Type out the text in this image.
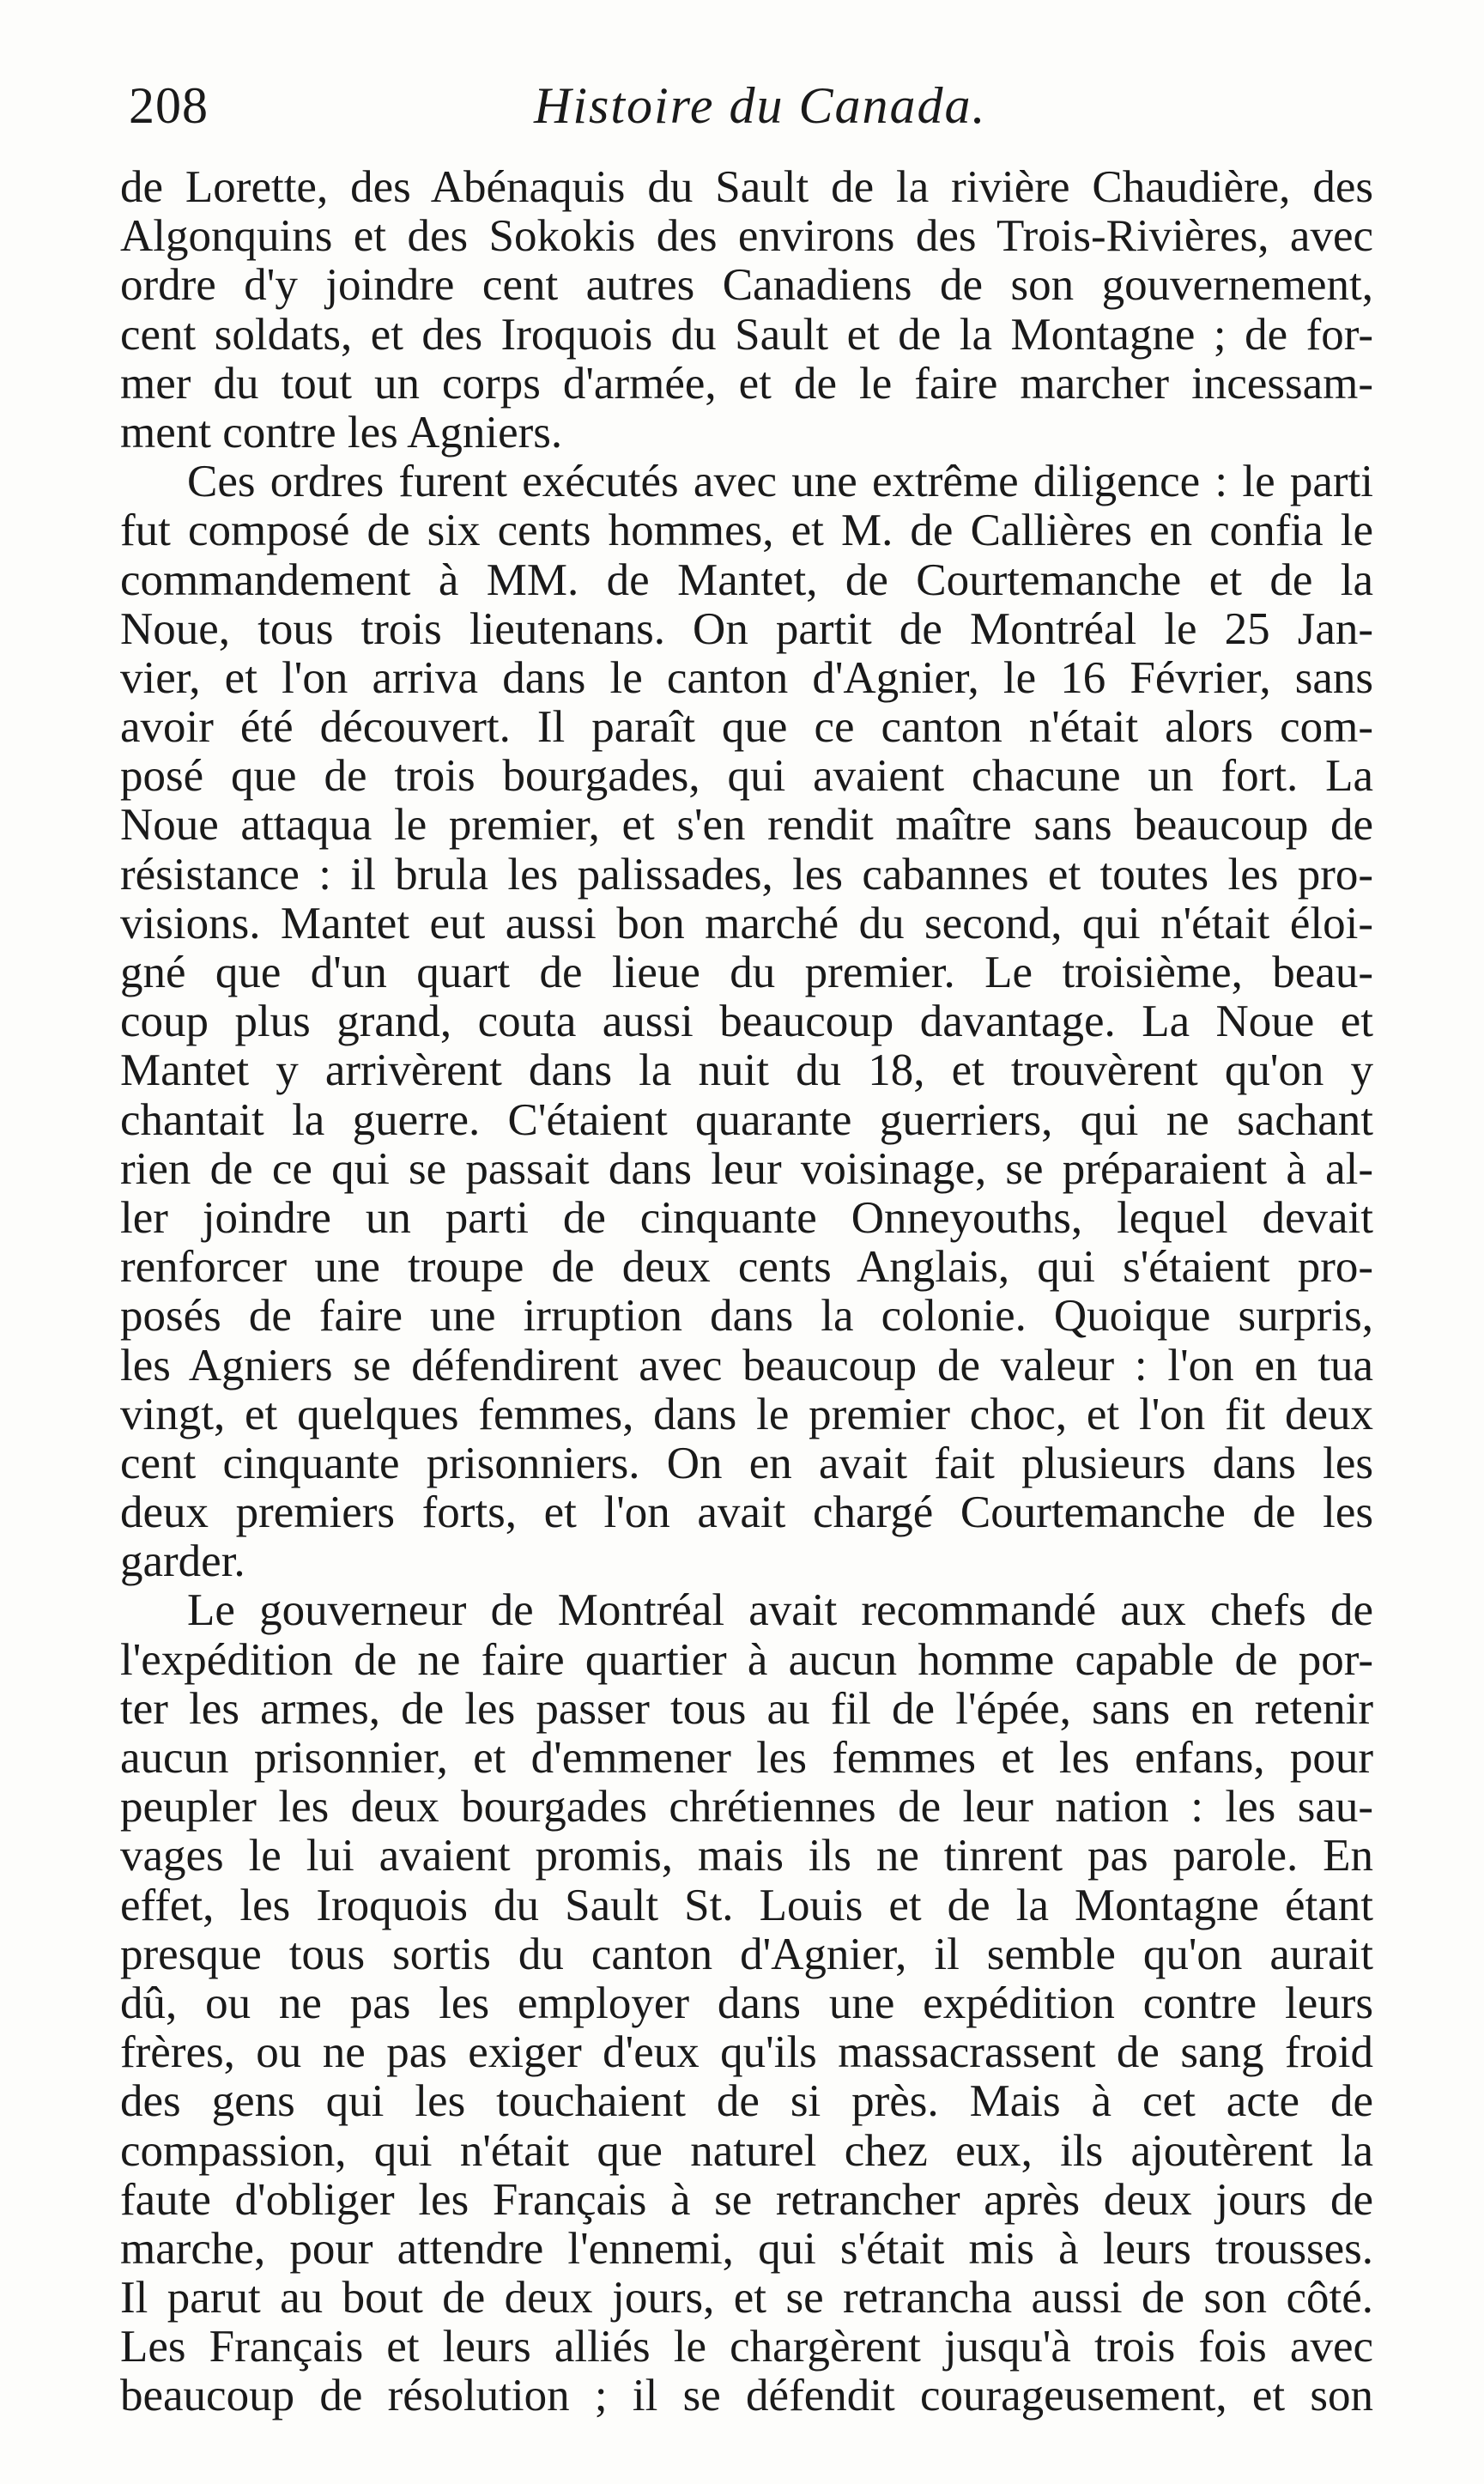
208	Histoire du Canada.
de Lorette, des Abénaquis du Sault de la rivière Chaudière, des
Algonquins et des Sokokis des environs des Trois-Rivières, avec
ordre d'y joindre cent autres Canadiens de son gouvernement,
cent soldats, et des Iroquois du Sault et de la Montagne ; de for-
mer du tout un corps d'armée, et de le faire marcher incessam-
ment contre les Agniers.
Ces ordres furent exécutés avec une extrême diligence : le parti
fut composé de six cents hommes, et M. de Callières en confia le
commandement à MM. de Mantet, de Courtemanche et de la
Noue, tous trois lieutenans. On partit de Montréal le 25 Jan-
vier, et l'on arriva dans le canton d'Agnier, le 16 Février, sans
avoir été découvert. Il paraît que ce canton n'était alors com-
posé que de trois bourgades, qui avaient chacune un fort. La
Noue attaqua le premier, et s'en rendit maître sans beaucoup de
résistance : il brula les palissades, les cabannes et toutes les pro-
visions. Mantet eut aussi bon marché du second, qui n'était éloi-
gné que d'un quart de lieue du premier. Le troisième, beau-
coup plus grand, couta aussi beaucoup davantage. La Noue et
Mantet y arrivèrent dans la nuit du 18, et trouvèrent qu'on y
chantait la guerre. C'étaient quarante guerriers, qui ne sachant
rien de ce qui se passait dans leur voisinage, se préparaient à al-
ler joindre un parti de cinquante Onneyouths, lequel devait
renforcer une troupe de deux cents Anglais, qui s'étaient pro-
posés de faire une irruption dans la colonie. Quoique surpris,
les Agniers se défendirent avec beaucoup de valeur : l'on en tua
vingt, et quelques femmes, dans le premier choc, et l'on fit deux
cent cinquante prisonniers. On en avait fait plusieurs dans les
deux premiers forts, et l'on avait chargé Courtemanche de les
garder.
Le gouverneur de Montréal avait recommandé aux chefs de
l'expédition de ne faire quartier à aucun homme capable de por-
ter les armes, de les passer tous au fil de l'épée, sans en retenir
aucun prisonnier, et d'emmener les femmes et les enfans, pour
peupler les deux bourgades chrétiennes de leur nation : les sau-
vages le lui avaient promis, mais ils ne tinrent pas parole. En
effet, les Iroquois du Sault St. Louis et de la Montagne étant
presque tous sortis du canton d'Agnier, il semble qu'on aurait
dû, ou ne pas les employer dans une expédition contre leurs
frères, ou ne pas exiger d'eux qu'ils massacrassent de sang froid
des gens qui les touchaient de si près. Mais à cet acte de
compassion, qui n'était que naturel chez eux, ils ajoutèrent la
faute d'obliger les Français à se retrancher après deux jours de
marche, pour attendre l'ennemi, qui s'était mis à leurs trousses.
Il parut au bout de deux jours, et se retrancha aussi de son côté.
Les Français et leurs alliés le chargèrent jusqu'à trois fois avec
beaucoup de résolution ; il se défendit courageusement, et son
